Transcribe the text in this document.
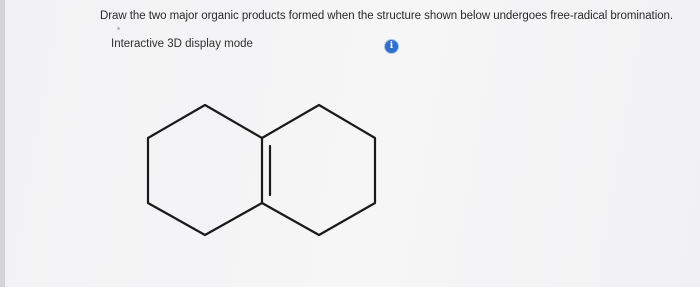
Draw the two major organic products formed when the structure shown below undergoes free-radical bromination.
Interactive 3D display mode	i
